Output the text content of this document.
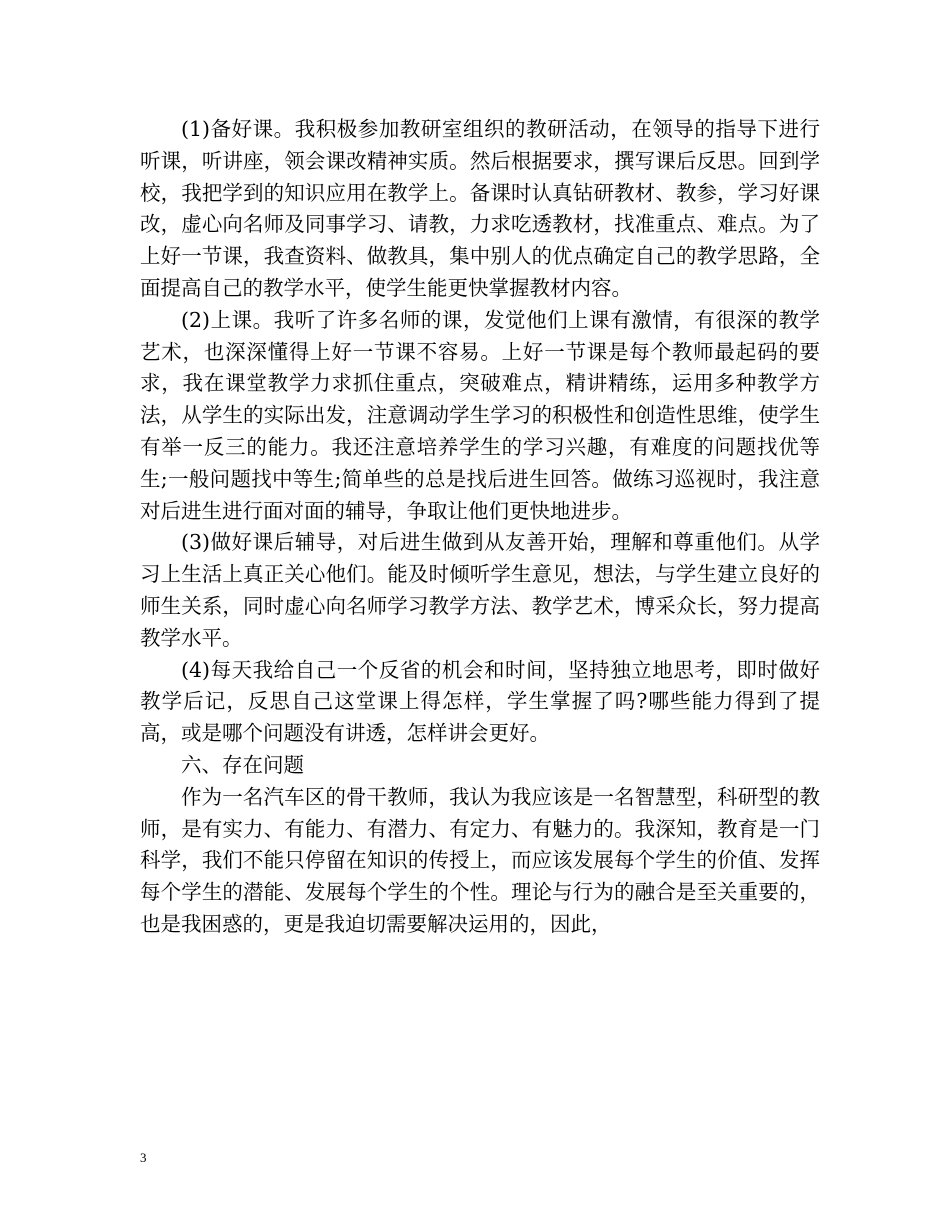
(1)备好课。我积极参加教研室组织的教研活动，在领导的指导下进行听课，听讲座，领会课改精神实质。然后根据要求，撰写课后反思。回到学校，我把学到的知识应用在教学上。备课时认真钻研教材、教参，学习好课改，虚心向名师及同事学习、请教，力求吃透教材，找准重点、难点。为了上好一节课，我查资料、做教具，集中别人的优点确定自己的教学思路，全面提高自己的教学水平，使学生能更快掌握教材内容。

(2)上课。我听了许多名师的课，发觉他们上课有激情，有很深的教学艺术，也深深懂得上好一节课不容易。上好一节课是每个教师最起码的要求，我在课堂教学力求抓住重点，突破难点，精讲精练，运用多种教学方法，从学生的实际出发，注意调动学生学习的积极性和创造性思维，使学生有举一反三的能力。我还注意培养学生的学习兴趣，有难度的问题找优等生;一般问题找中等生;简单些的总是找后进生回答。做练习巡视时，我注意对后进生进行面对面的辅导，争取让他们更快地进步。

(3)做好课后辅导，对后进生做到从友善开始，理解和尊重他们。从学习上生活上真正关心他们。能及时倾听学生意见，想法，与学生建立良好的师生关系，同时虚心向名师学习教学方法、教学艺术，博采众长，努力提高教学水平。

(4)每天我给自己一个反省的机会和时间，坚持独立地思考，即时做好教学后记，反思自己这堂课上得怎样，学生掌握了吗?哪些能力得到了提高，或是哪个问题没有讲透，怎样讲会更好。

六、存在问题

作为一名汽车区的骨干教师，我认为我应该是一名智慧型，科研型的教师，是有实力、有能力、有潜力、有定力、有魅力的。我深知，教育是一门科学，我们不能只停留在知识的传授上，而应该发展每个学生的价值、发挥每个学生的潜能、发展每个学生的个性。理论与行为的融合是至关重要的，也是我困惑的，更是我迫切需要解决运用的，因此，

3
